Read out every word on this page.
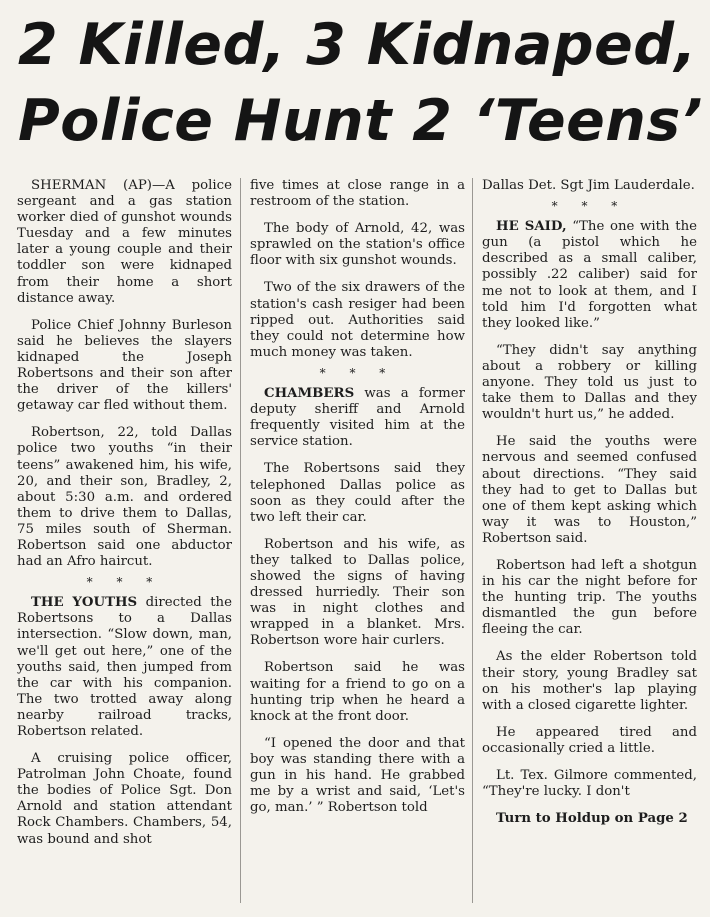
2 Killed, 3 Kidnaped,
Police Hunt 2 ‘Teens’

SHERMAN (AP)—A police sergeant and a gas station worker died of gunshot wounds Tuesday and a few minutes later a young couple and their toddler son were kidnaped from their home a short distance away.

Police Chief Johnny Burleson said he believes the slayers kidnaped the Joseph Robertsons and their son after the driver of the killers' getaway car fled without them.

Robertson, 22, told Dallas police two youths “in their teens” awakened him, his wife, 20, and their son, Bradley, 2, about 5:30 a.m. and ordered them to drive them to Dallas, 75 miles south of Sherman. Robertson said one abductor had an Afro haircut.

* * *

THE YOUTHS directed the Robertsons to a Dallas intersection. “Slow down, man, we'll get out here,” one of the youths said, then jumped from the car with his companion. The two trotted away along nearby railroad tracks, Robertson related.

A cruising police officer, Patrolman John Choate, found the bodies of Police Sgt. Don Arnold and station attendant Rock Chambers. Chambers, 54, was bound and shot

five times at close range in a restroom of the station.

The body of Arnold, 42, was sprawled on the station's office floor with six gunshot wounds.

Two of the six drawers of the station's cash resiger had been ripped out. Authorities said they could not determine how much money was taken.

* * *

CHAMBERS was a former deputy sheriff and Arnold frequently visited him at the service station.

The Robertsons said they telephoned Dallas police as soon as they could after the two left their car.

Robertson and his wife, as they talked to Dallas police, showed the signs of having dressed hurriedly. Their son was in night clothes and wrapped in a blanket. Mrs. Robertson wore hair curlers.

Robertson said he was waiting for a friend to go on a hunting trip when he heard a knock at the front door.

“I opened the door and that boy was standing there with a gun in his hand. He grabbed me by a wrist and said, ‘Let's go, man.’ ” Robertson told

Dallas Det. Sgt Jim Lauderdale.

* * *

HE SAID, “The one with the gun (a pistol which he described as a small caliber, possibly .22 caliber) said for me not to look at them, and I told him I'd forgotten what they looked like.”

“They didn't say anything about a robbery or killing anyone. They told us just to take them to Dallas and they wouldn't hurt us,” he added.

He said the youths were nervous and seemed confused about directions. “They said they had to get to Dallas but one of them kept asking which way it was to Houston,” Robertson said.

Robertson had left a shotgun in his car the night before for the hunting trip. The youths dismantled the gun before fleeing the car.

As the elder Robertson told their story, young Bradley sat on his mother's lap playing with a closed cigarette lighter.

He appeared tired and occasionally cried a little.

Lt. Tex. Gilmore commented, “They're lucky. I don't

Turn to Holdup on Page 2
